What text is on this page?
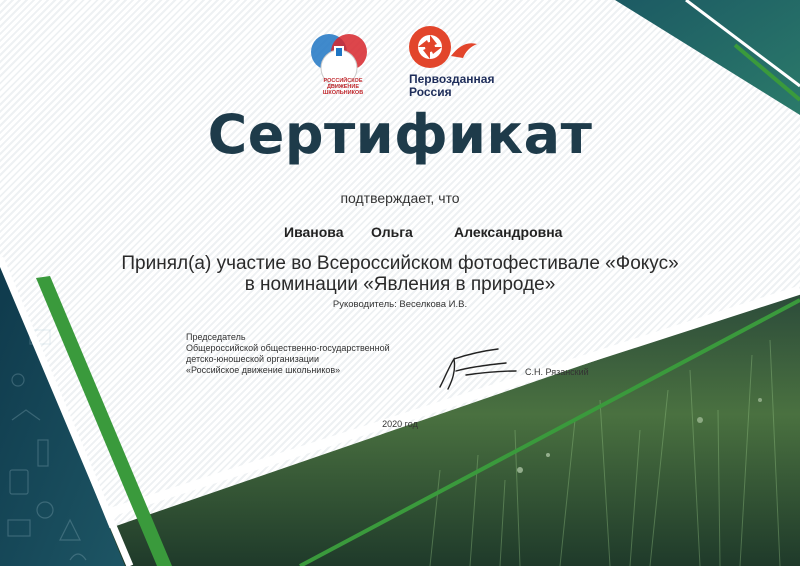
РОССИЙСКОЕ
ДВИЖЕНИЕ ШКОЛЬНИКОВ
Первозданная
Россия
Сертификат
подтверждает, что
Иванова Ольга	Александровна
Принял(а) участие во Всероссийском фотофестивале «Фокус»
в номинации «Явления в природе»
Руководитель: Веселкова И.В.
Председатель
Общероссийской общественно-государственной
детско-юношеской организации
«Российское движение школьников»	С.Н. Рязанский
2020 год
